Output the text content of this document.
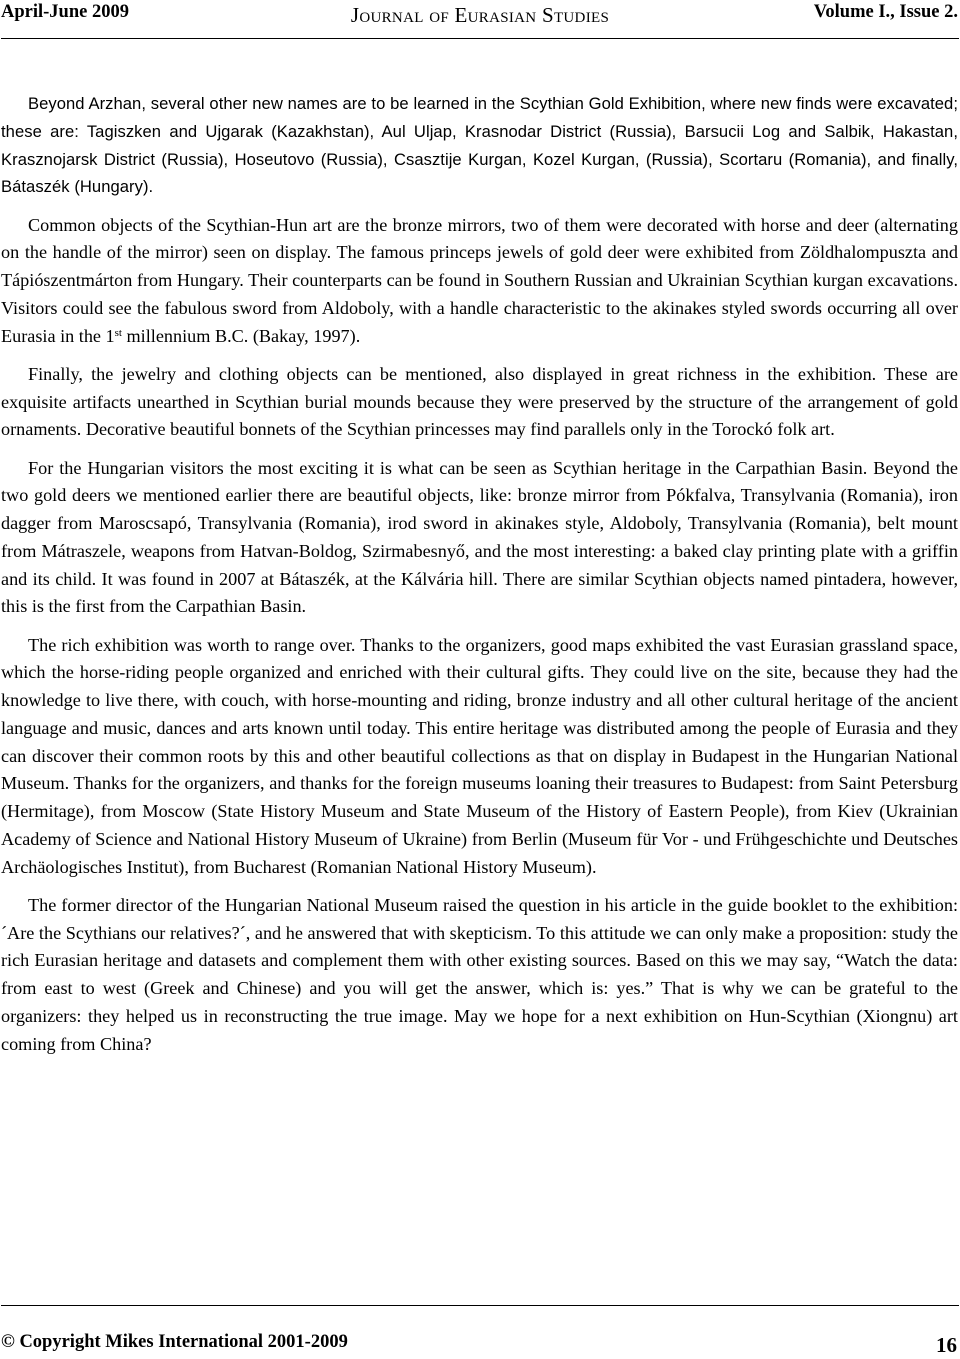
April-June 2009	Journal of Eurasian Studies	Volume I., Issue 2.

Beyond Arzhan, several other new names are to be learned in the Scythian Gold Exhibition, where new finds were excavated; these are: Tagiszken and Ujgarak (Kazakhstan), Aul Uljap, Krasnodar District (Russia), Barsucii Log and Salbik, Hakastan, Krasznojarsk District (Russia), Hoseutovo (Russia), Csasztije Kurgan, Kozel Kurgan, (Russia), Scortaru (Romania), and finally, Bátaszék (Hungary).

Common objects of the Scythian-Hun art are the bronze mirrors, two of them were decorated with horse and deer (alternating on the handle of the mirror) seen on display. The famous princeps jewels of gold deer were exhibited from Zöldhalompuszta and Tápiószentmárton from Hungary. Their counterparts can be found in Southern Russian and Ukrainian Scythian kurgan excavations. Visitors could see the fabulous sword from Aldoboly, with a handle characteristic to the akinakes styled swords occurring all over Eurasia in the 1st millennium B.C. (Bakay, 1997).

Finally, the jewelry and clothing objects can be mentioned, also displayed in great richness in the exhibition. These are exquisite artifacts unearthed in Scythian burial mounds because they were preserved by the structure of the arrangement of gold ornaments. Decorative beautiful bonnets of the Scythian princesses may find parallels only in the Torockó folk art.

For the Hungarian visitors the most exciting it is what can be seen as Scythian heritage in the Carpathian Basin. Beyond the two gold deers we mentioned earlier there are beautiful objects, like: bronze mirror from Pókfalva, Transylvania (Romania), iron dagger from Maroscsapó, Transylvania (Romania), irod sword in akinakes style, Aldoboly, Transylvania (Romania), belt mount from Mátraszele, weapons from Hatvan-Boldog, Szirmabesnyő, and the most interesting: a baked clay printing plate with a griffin and its child. It was found in 2007 at Bátaszék, at the Kálvária hill. There are similar Scythian objects named pintadera, however, this is the first from the Carpathian Basin.

The rich exhibition was worth to range over. Thanks to the organizers, good maps exhibited the vast Eurasian grassland space, which the horse-riding people organized and enriched with their cultural gifts. They could live on the site, because they had the knowledge to live there, with couch, with horse-mounting and riding, bronze industry and all other cultural heritage of the ancient language and music, dances and arts known until today. This entire heritage was distributed among the people of Eurasia and they can discover their common roots by this and other beautiful collections as that on display in Budapest in the Hungarian National Museum. Thanks for the organizers, and thanks for the foreign museums loaning their treasures to Budapest: from Saint Petersburg (Hermitage), from Moscow (State History Museum and State Museum of the History of Eastern People), from Kiev (Ukrainian Academy of Science and National History Museum of Ukraine) from Berlin (Museum für Vor - und Frühgeschichte und Deutsches Archäologisches Institut), from Bucharest (Romanian National History Museum).

The former director of the Hungarian National Museum raised the question in his article in the guide booklet to the exhibition: ´Are the Scythians our relatives?´, and he answered that with skepticism. To this attitude we can only make a proposition: study the rich Eurasian heritage and datasets and complement them with other existing sources. Based on this we may say, “Watch the data: from east to west (Greek and Chinese) and you will get the answer, which is: yes.” That is why we can be grateful to the organizers: they helped us in reconstructing the true image. May we hope for a next exhibition on Hun-Scythian (Xiongnu) art coming from China?

© Copyright Mikes International 2001-2009	16
